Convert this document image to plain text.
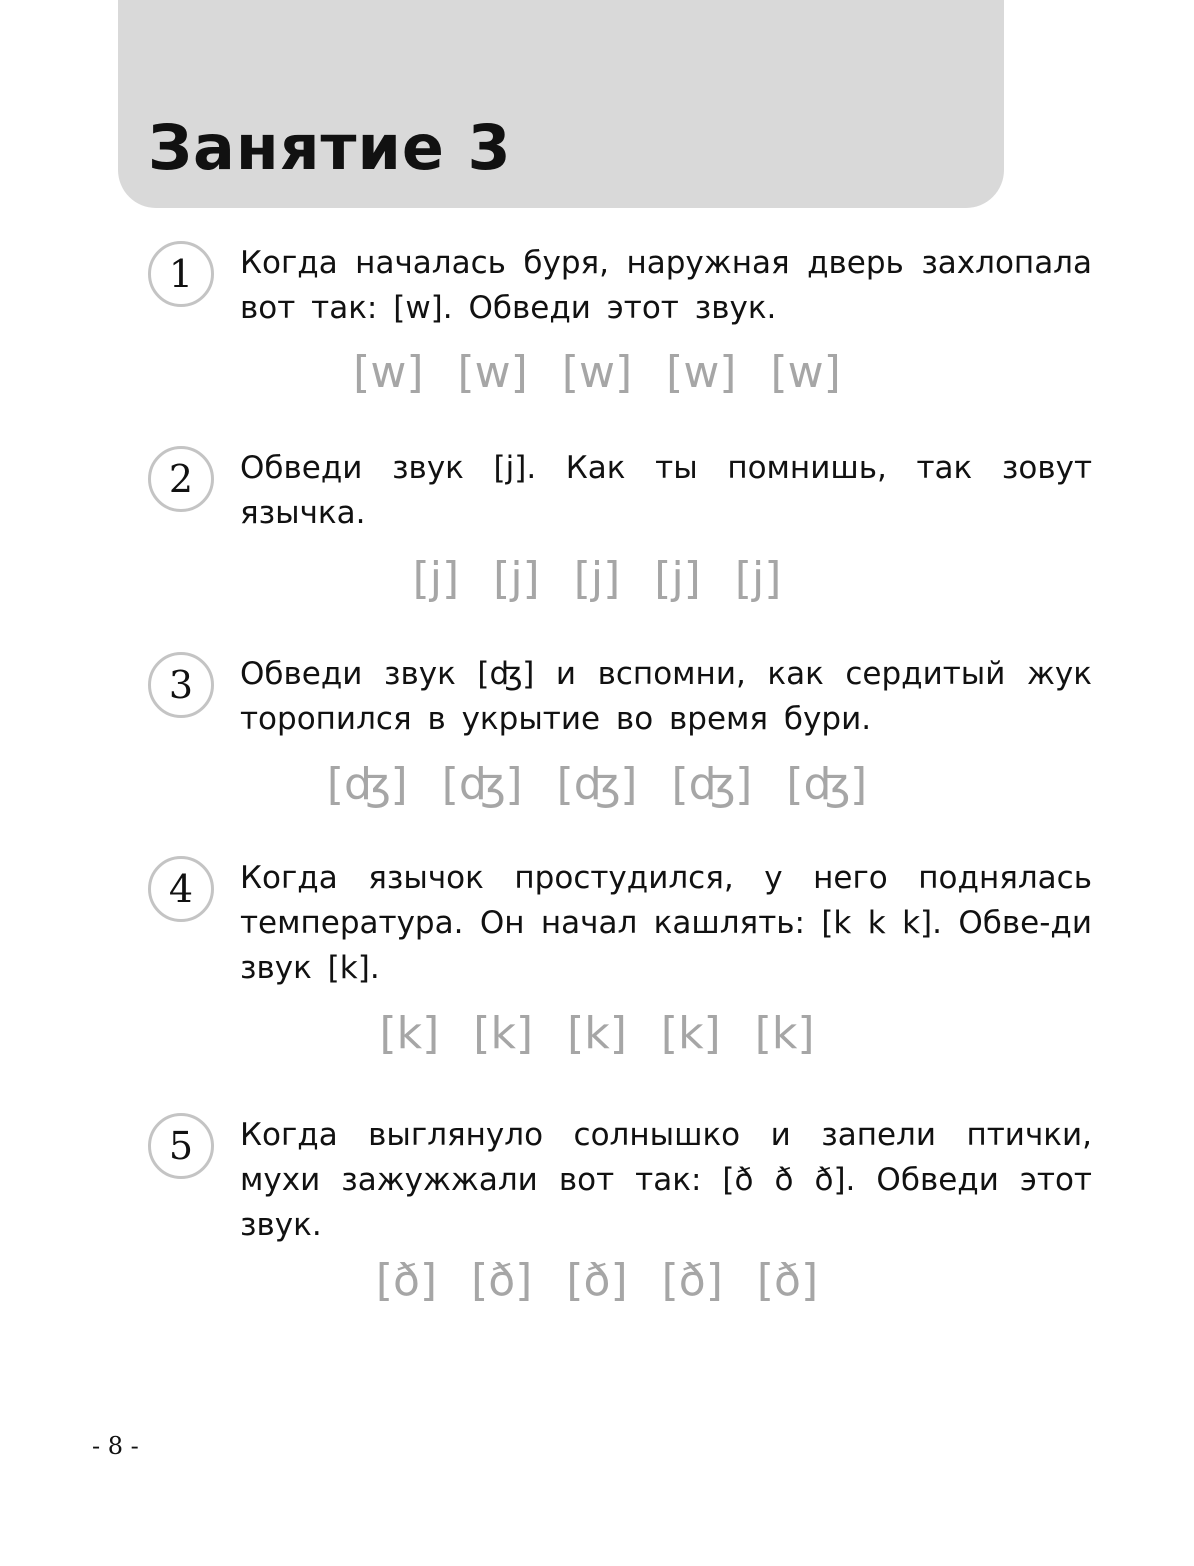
Занятие 3
1 Когда началась буря, наружная дверь захлопала вот так: [w]. Обведи этот звук.

[w] [w] [w] [w] [w]
2 Обведи звук [j]. Как ты помнишь, так зовут язычка.

[j] [j] [j] [j] [j]
3 Обведи звук [ʤ] и вспомни, как сердитый жук торопился в укрытие во время бури.

[ʤ] [ʤ] [ʤ] [ʤ] [ʤ]
4 Когда язычок простудился, у него поднялась температура. Он начал кашлять: [k k k]. Обве-ди звук [k].

[k] [k] [k] [k] [k]
5 Когда выглянуло солнышко и запели птички, мухи зажужжали вот так: [ð ð ð]. Обведи этот звук.

[ð] [ð] [ð] [ð] [ð]

- 8 -
